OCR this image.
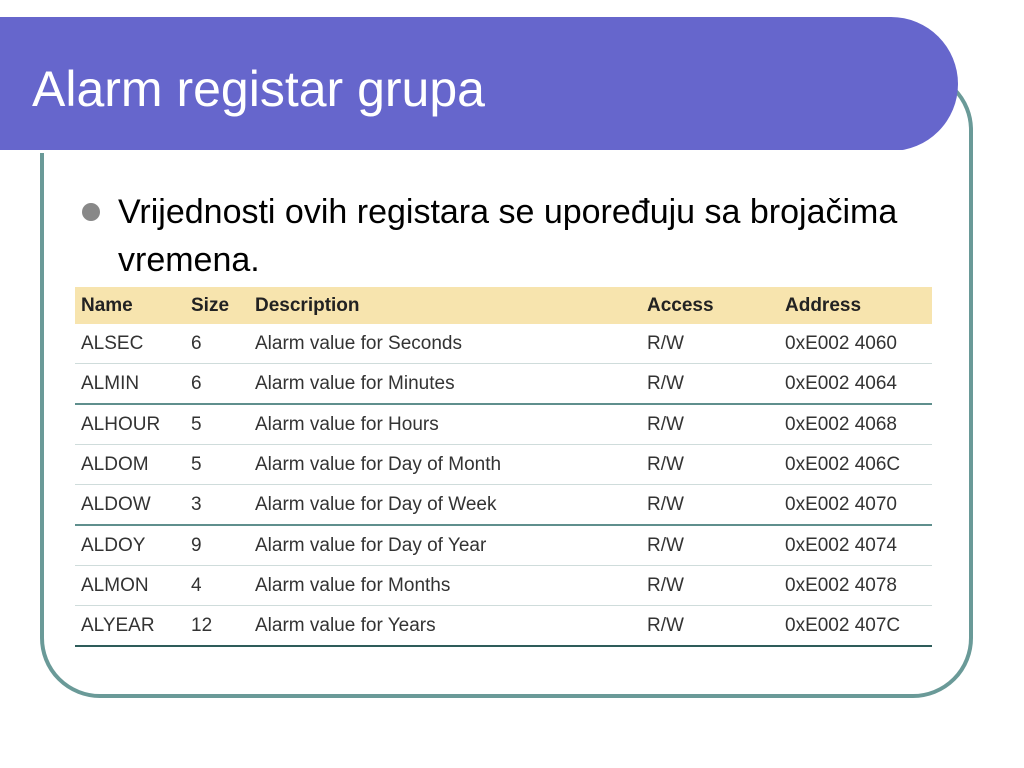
Alarm registar grupa
Vrijednosti ovih registara se upoređuju sa brojačima vremena.
Name	Size	Description	Access	Address
ALSEC	6	Alarm value for Seconds	R/W	0xE002 4060
ALMIN	6	Alarm value for Minutes	R/W	0xE002 4064
ALHOUR	5	Alarm value for Hours	R/W	0xE002 4068
ALDOM	5	Alarm value for Day of Month	R/W	0xE002 406C
ALDOW	3	Alarm value for Day of Week	R/W	0xE002 4070
ALDOY	9	Alarm value for Day of Year	R/W	0xE002 4074
ALMON	4	Alarm value for Months	R/W	0xE002 4078
ALYEAR	12	Alarm value for Years	R/W	0xE002 407C
